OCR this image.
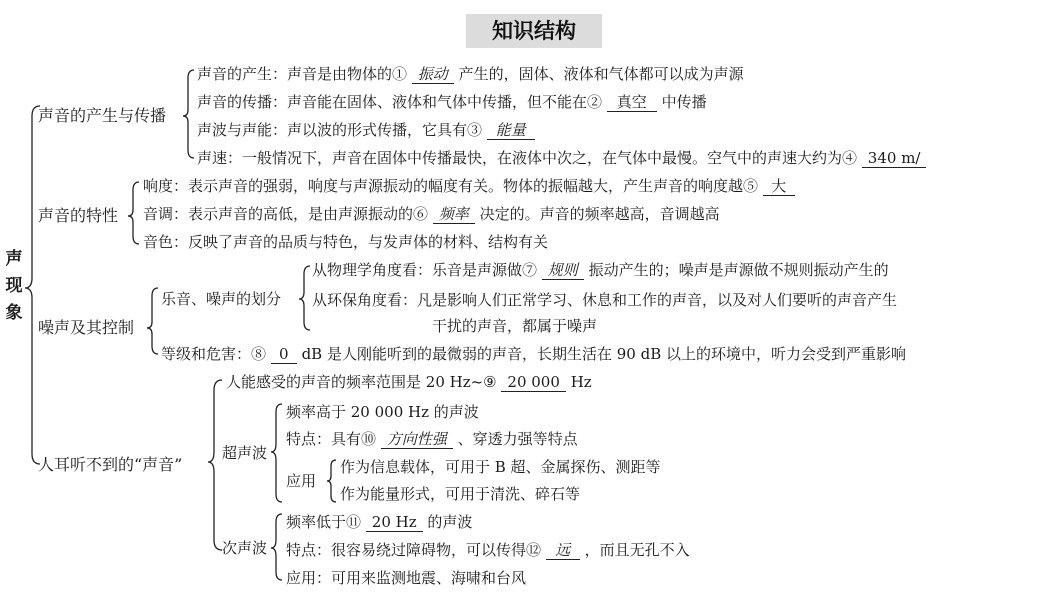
知识结构
声
现
象
声音的产生与传播
声音的产生：声音是由物体的① 振动 产生的，固体、液体和气体都可以成为声源
声音的传播：声音能在固体、液体和气体中传播，但不能在② 真空 中传播
声波与声能：声以波的形式传播，它具有③ 能量
声速：一般情况下，声音在固体中传播最快，在液体中次之，在气体中最慢。空气中的声速大约为④ 340 m/
声音的特性
响度：表示声音的强弱，响度与声源振动的幅度有关。物体的振幅越大，产生声音的响度越⑤ 大
音调：表示声音的高低，是由声源振动的⑥ 频率 决定的。声音的频率越高，音调越高
音色：反映了声音的品质与特色，与发声体的材料、结构有关
噪声及其控制
乐音、噪声的划分
从物理学角度看：乐音是声源做⑦ 规则 振动产生的；噪声是声源做不规则振动产生的
从环保角度看：凡是影响人们正常学习、休息和工作的声音，以及对人们要听的声音产生
干扰的声音，都属于噪声
等级和危害：⑧ 0 dB 是人刚能听到的最微弱的声音，长期生活在 90 dB 以上的环境中，听力会受到严重影响
人耳听不到的“声音”
人能感受的声音的频率范围是 20 Hz~⑨ 20 000 Hz
超声波
频率高于 20 000 Hz 的声波
特点：具有⑩ 方向性强 、穿透力强等特点
应用
作为信息载体，可用于 B 超、金属探伤、测距等
作为能量形式，可用于清洗、碎石等
次声波
频率低于⑪ 20 Hz 的声波
特点：很容易绕过障碍物，可以传得⑫ 远 ，而且无孔不入
应用：可用来监测地震、海啸和台风
